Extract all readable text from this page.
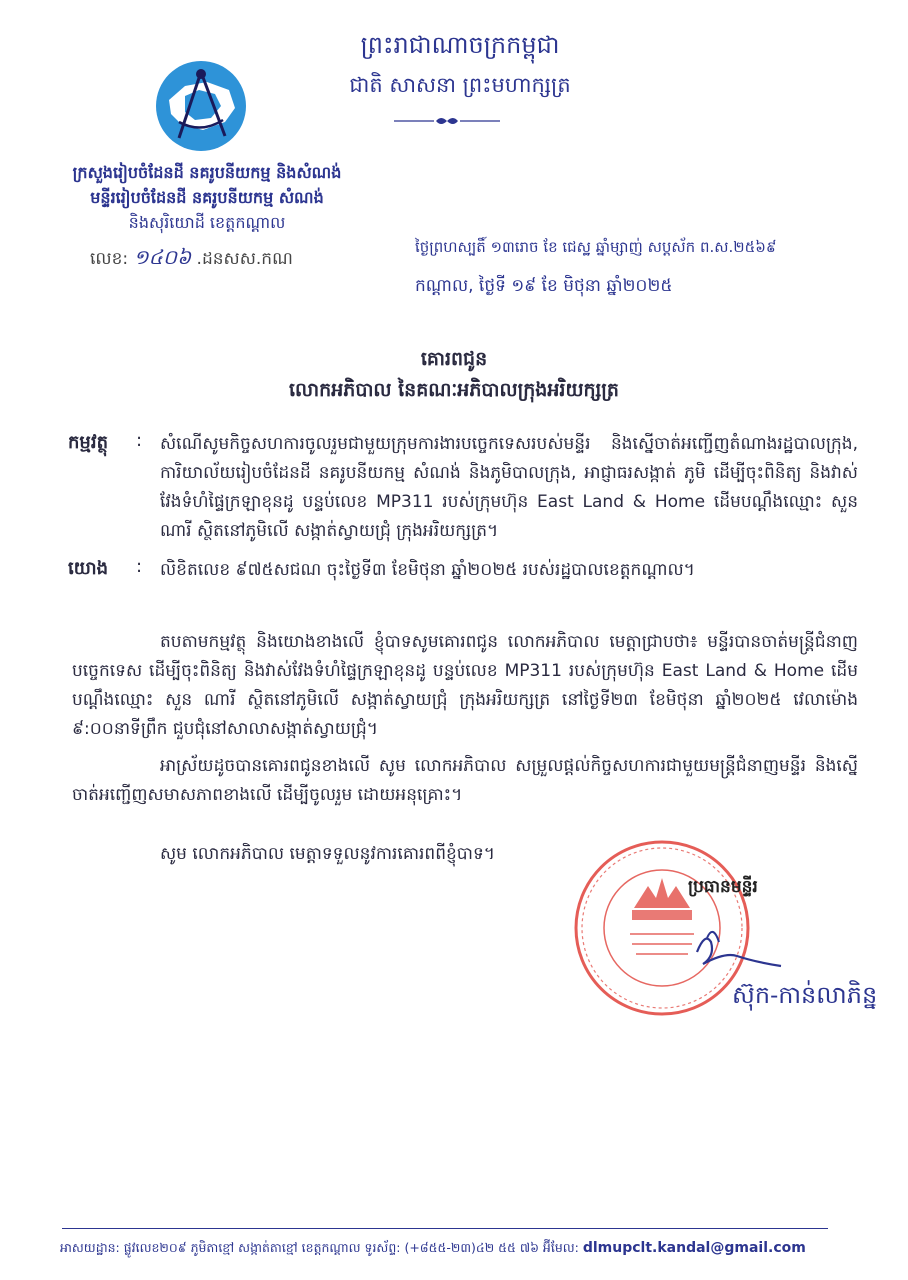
ព្រះរាជាណាចក្រកម្ពុជា
ជាតិ សាសនា ព្រះមហាក្សត្រ
ក្រសួងរៀបចំដែនដី នគរូបនីយកម្ម និងសំណង់
មន្ទីររៀបចំដែនដី នគរូបនីយកម្ម សំណង់
និងសុរិយោដី ខេត្តកណ្តាល
លេខ: ១៤០៦ .ដនសស.កណ
ថ្ងៃព្រហស្បតិ៍ ១៣រោច ខែ ជេស្ឋ ឆ្នាំម្សាញ់ សប្តស័ក ព.ស.២៥៦៩
កណ្តាល, ថ្ងៃទី ១៩ ខែ មិថុនា ឆ្នាំ២០២៥
គោរពជូន
លោកអភិបាល នៃគណៈអភិបាលក្រុងអរិយក្សត្រ
កម្មវត្ថុ : សំណើសូមកិច្ចសហការចូលរួមជាមួយក្រុមការងារបច្ចេកទេសរបស់មន្ទីរ និងស្នើចាត់អញ្ជើញតំណាងរដ្ឋបាលក្រុង, ការិយាល័យរៀបចំដែនដី នគរូបនីយកម្ម សំណង់ និងភូមិបាលក្រុង, អាជ្ញាធរសង្កាត់ ភូមិ ដើម្បីចុះពិនិត្យ និងវាស់វែងទំហំផ្ទៃក្រឡាខុនដូ បន្ទប់លេខ MP311 របស់ក្រុមហ៊ុន East Land & Home ដើមបណ្តឹងឈ្មោះ សួន ណារី ស្ថិតនៅភូមិលើ សង្កាត់ស្វាយជ្រុំ ក្រុងអរិយក្សត្រ។
យោង : លិខិតលេខ ៩៧៥សជណ ចុះថ្ងៃទី៣ ខែមិថុនា ឆ្នាំ២០២៥ របស់រដ្ឋបាលខេត្តកណ្តាល។
តបតាមកម្មវត្ថុ និងយោងខាងលើ ខ្ញុំបាទសូមគោរពជូន លោកអភិបាល មេត្តាជ្រាបថា៖ មន្ទីរបានចាត់មន្ត្រីជំនាញបច្ចេកទេស ដើម្បីចុះពិនិត្យ និងវាស់វែងទំហំផ្ទៃក្រឡាខុនដូ បន្ទប់លេខ MP311 របស់ក្រុមហ៊ុន East Land & Home ដើមបណ្តឹងឈ្មោះ សួន ណារី ស្ថិតនៅភូមិលើ សង្កាត់ស្វាយជ្រុំ ក្រុងអរិយក្សត្រ នៅថ្ងៃទី២៣ ខែមិថុនា ឆ្នាំ២០២៥ វេលាម៉ោង ៩:០០នាទីព្រឹក ជួបជុំនៅសាលាសង្កាត់ស្វាយជ្រុំ។
អាស្រ័យដូចបានគោរពជូនខាងលើ សូម លោកអភិបាល សម្រួលផ្តល់កិច្ចសហការជាមួយមន្ត្រីជំនាញមន្ទីរ និងស្នើចាត់អញ្ជើញសមាសភាពខាងលើ ដើម្បីចូលរួម ដោយអនុគ្រោះ។
សូម លោកអភិបាល មេត្តាទទួលនូវការគោរពពីខ្ញុំបាទ។
ប្រធានមន្ទីរ
ស៊ុក-កាន់លាភិន្ន
អាសយដ្ឋាន: ផ្លូវលេខ២០៩ ភូមិតាខ្មៅ សង្កាត់តាខ្មៅ ខេត្តកណ្តាល ទូរស័ព្ទ: (+៨៥៥-២៣)៤២ ៥៥ ៧៦ អ៊ីមែល: dlmupclt.kandal@gmail.com
